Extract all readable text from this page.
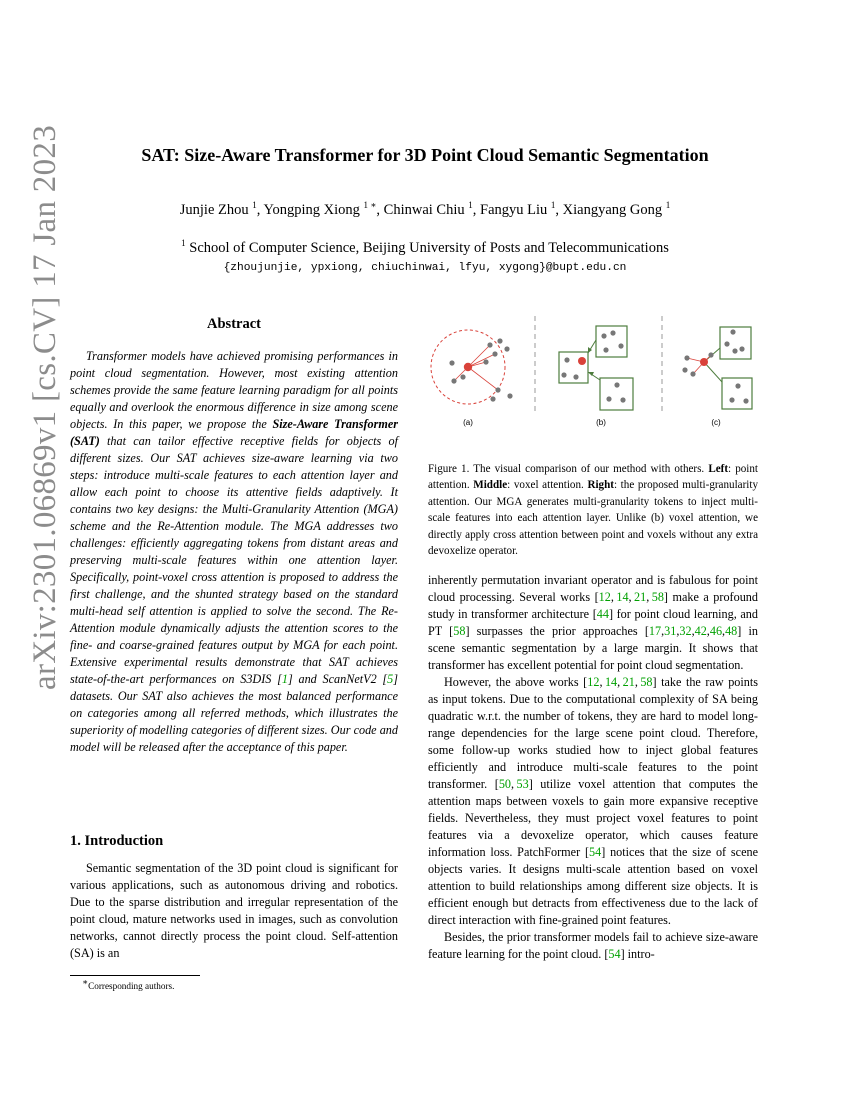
SAT: Size-Aware Transformer for 3D Point Cloud Semantic Segmentation
Junjie Zhou $^1$, Yongping Xiong $^{1 ∗}$, Chinwai Chiu $^1$, Fangyu Liu $^1$, Xiangyang Gong $^1$
$^1$ School of Computer Science, Beijing University of Posts and Telecommunications
{zhoujunjie, ypxiong, chiuchinwai, lfyu, xygong}@bupt.edu.cn
arXiv:2301.06869v1 [cs.CV] 17 Jan 2023	Abstract

Transformer models have achieved promising performances in point cloud segmentation. However, most existing attention schemes provide the same feature learning paradigm for all points equally and overlook the enormous difference in size among scene objects. In this paper, we propose the Size-Aware Transformer (SAT) that can tailor effective receptive fields for objects of different sizes. Our SAT achieves size-aware learning via two steps: introduce multi-scale features to each attention layer and allow each point to choose its attentive fields adaptively. It contains two key designs: the Multi-Granularity Attention (MGA) scheme and the Re-Attention module. The MGA addresses two challenges: efficiently aggregating tokens from distant areas and preserving multi-scale features within one attention layer. Specifically, point-voxel cross attention is proposed to address the first challenge, and the shunted strategy based on the standard multi-head self attention is applied to solve the second. The Re-Attention module dynamically adjusts the attention scores to the fine- and coarse-grained features output by MGA for each point. Extensive experimental results demonstrate that SAT achieves state-of-the-art performances on S3DIS [1] and ScanNetV2 [5] datasets. Our SAT also achieves the most balanced performance on categories among all referred methods, which illustrates the superiority of modelling categories of different sizes. Our code and model will be released after the acceptance of this paper.

1. Introduction

Semantic segmentation of the 3D point cloud is significant for various applications, such as autonomous driving and robotics. Due to the sparse distribution and irregular representation of the point cloud, mature networks used in images, such as convolution networks, cannot directly process the point cloud. Self-attention (SA) is an

∗Corresponding authors.
(a)	(b)	(c)
Figure 1. The visual comparison of our method with others. Left: point attention. Middle: voxel attention. Right: the proposed multi-granularity attention. Our MGA generates multi-granularity tokens to inject multi-scale features into each attention layer. Unlike (b) voxel attention, we directly apply cross attention between point and voxels without any extra devoxelize operator.

inherently permutation invariant operator and is fabulous for point cloud processing. Several works [12, 14, 21, 58] make a profound study in transformer architecture [44] for point cloud learning, and PT [58] surpasses the prior approaches [17,31,32,42,46,48] in scene semantic segmentation by a large margin. It shows that transformer has excellent potential for point cloud segmentation.

However, the above works [12, 14, 21, 58] take the raw points as input tokens. Due to the computational complexity of SA being quadratic w.r.t. the number of tokens, they are hard to model long-range dependencies for the large scene point cloud. Therefore, some follow-up works studied how to inject global features efficiently and introduce multi-scale features to the point transformer. [50, 53] utilize voxel attention that computes the attention maps between voxels to gain more expansive receptive fields. Nevertheless, they must project voxel features to point features via a devoxelize operator, which causes feature information loss. PatchFormer [54] notices that the size of scene objects varies. It designs multi-scale attention based on voxel attention to build relationships among different size objects. It is efficient enough but detracts from effectiveness due to the lack of direct interaction with fine-grained point features.

Besides, the prior transformer models fail to achieve size-aware feature learning for the point cloud. [54] intro-
